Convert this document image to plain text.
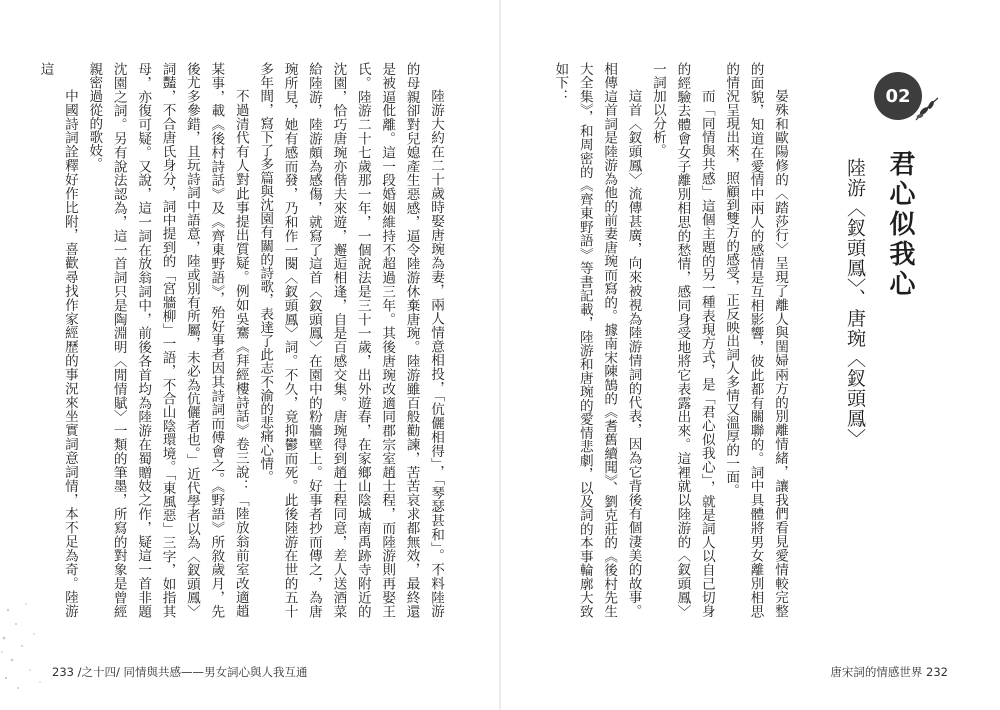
陸游大約在二十歲時娶唐琬為妻，兩人情意相投，「伉儷相得」，「琴瑟甚和」。不料陸游的母親卻對兒媳產生惡感，逼令陸游休棄唐琬。陸游雖百般勸諫，苦苦哀求都無效，最終還是被逼仳離。這一段婚姻維持不超過三年。其後唐琬改適同郡宗室趙士程，而陸游則再娶王氏。陸游二十七歲那一年，一個說法是三十一歲，出外遊春，在家鄉山陰城南禹跡寺附近的沈園，恰巧唐琬亦偕夫來遊，邂逅相逢，自是百感交集。唐琬得到趙士程同意，差人送酒菜給陸游，陸游頗為感傷，就寫了這首〈釵頭鳳〉在園中的粉牆壁上。好事者抄而傳之，為唐琬所見，她有感而發，乃和作一闋〈釵頭鳳〉詞。不久，竟抑鬱而死。此後陸游在世的五十多年間，寫下了多篇與沈園有關的詩歌，表達了此志不渝的悲痛心情。

不過清代有人對此事提出質疑。例如吳騫《拜經樓詩話》卷三說：「陸放翁前室改適趙某事，載《後村詩話》及《齊東野語》，殆好事者因其詩詞而傅會之。《野語》所敘歲月，先後尤多參錯，且玩詩詞中語意，陸或別有所屬，未必為伉儷者也。」近代學者以為〈釵頭鳳〉詞豔，不合唐氏身分，詞中提到的「宮牆柳」一語，不合山陰環境。「東風惡」三字，如指其母，亦復可疑。又說，這一詞在放翁詞中，前後各首均為陸游在蜀贈妓之作，疑這一首非題沈園之詞。另有說法認為，這一首詞只是陶淵明〈閒情賦〉一類的筆墨，所寫的對象是曾經親密過從的歌妓。

中國詩詞詮釋好作比附，喜歡尋找作家經歷的事況來坐實詞意詞情，本不足為奇。陸游這

233 /之十四/ 同情與共感——男女詞心與人我互通

晏殊和歐陽修的〈踏莎行〉呈現了離人與閨婦兩方的別離情緒，讓我們看見愛情較完整的面貌，知道在愛情中兩人的感情是互相影響，彼此都有關聯的。詞中具體將男女離別相思的情況呈現出來，照顧到雙方的感受，正反映出詞人多情又溫厚的一面。

而「同情與共感」這個主題的另一種表現方式，是「君心似我心」，就是詞人以自己切身的經驗去體會女子離別相思的愁情，感同身受地將它表露出來。這裡就以陸游的〈釵頭鳳〉一詞加以分析。

這首〈釵頭鳳〉流傳甚廣，向來被視為陸游情詞的代表，因為它背後有個淒美的故事。相傳這首詞是陸游為他的前妻唐琬而寫的。據南宋陳鵠的《耆舊續聞》、劉克莊的《後村先生大全集》，和周密的《齊東野語》等書記載，陸游和唐琬的愛情悲劇，以及詞的本事輪廓大致如下：	02
君心似我心
陸游〈釵頭鳳〉、唐琬〈釵頭鳳〉
唐宋詞的情感世界 232
